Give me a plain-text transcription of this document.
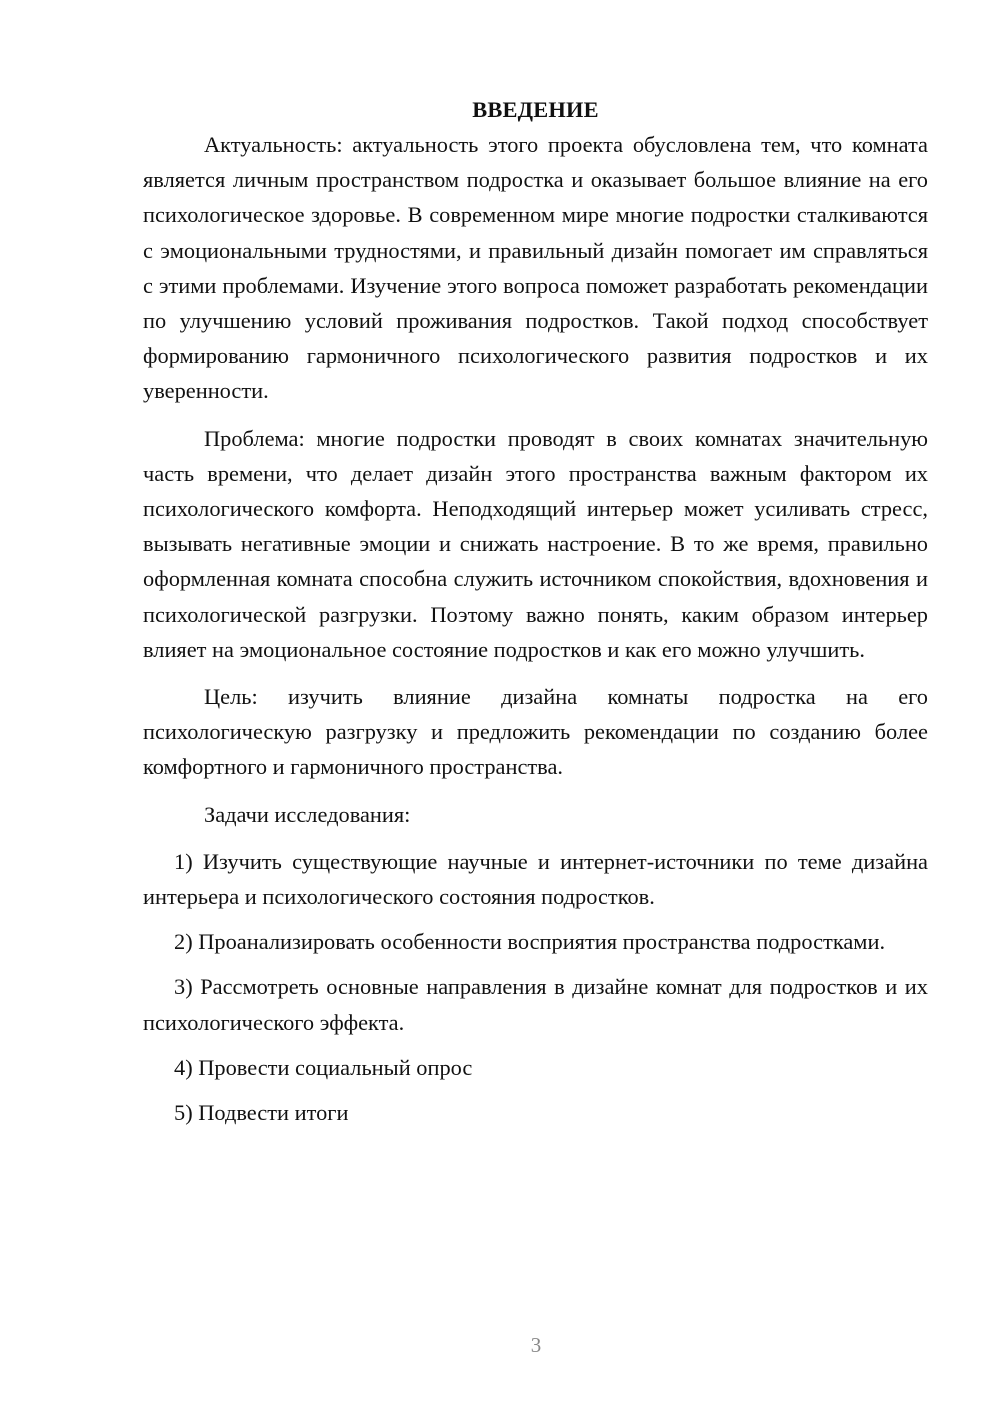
ВВЕДЕНИЕ

Актуальность: актуальность этого проекта обусловлена тем, что комната является личным пространством подростка и оказывает большое влияние на его психологическое здоровье. В современном мире многие подростки сталкиваются с эмоциональными трудностями, и правильный дизайн помогает им справляться с этими проблемами. Изучение этого вопроса поможет разработать рекомендации по улучшению условий проживания подростков. Такой подход способствует формированию гармоничного психологического развития подростков и их уверенности.

Проблема: многие подростки проводят в своих комнатах значительную часть времени, что делает дизайн этого пространства важным фактором их психологического комфорта. Неподходящий интерьер может усиливать стресс, вызывать негативные эмоции и снижать настроение. В то же время, правильно оформленная комната способна служить источником спокойствия, вдохновения и психологической разгрузки. Поэтому важно понять, каким образом интерьер влияет на эмоциональное состояние подростков и как его можно улучшить.

Цель: изучить влияние дизайна комнаты подростка на его психологическую разгрузку и предложить рекомендации по созданию более комфортного и гармоничного пространства.

Задачи исследования:

1) Изучить существующие научные и интернет-источники по теме дизайна интерьера и психологического состояния подростков.

2) Проанализировать особенности восприятия пространства подростками.

3) Рассмотреть основные направления в дизайне комнат для подростков и их психологического эффекта.

4) Провести социальный опрос

5) Подвести итоги

3
